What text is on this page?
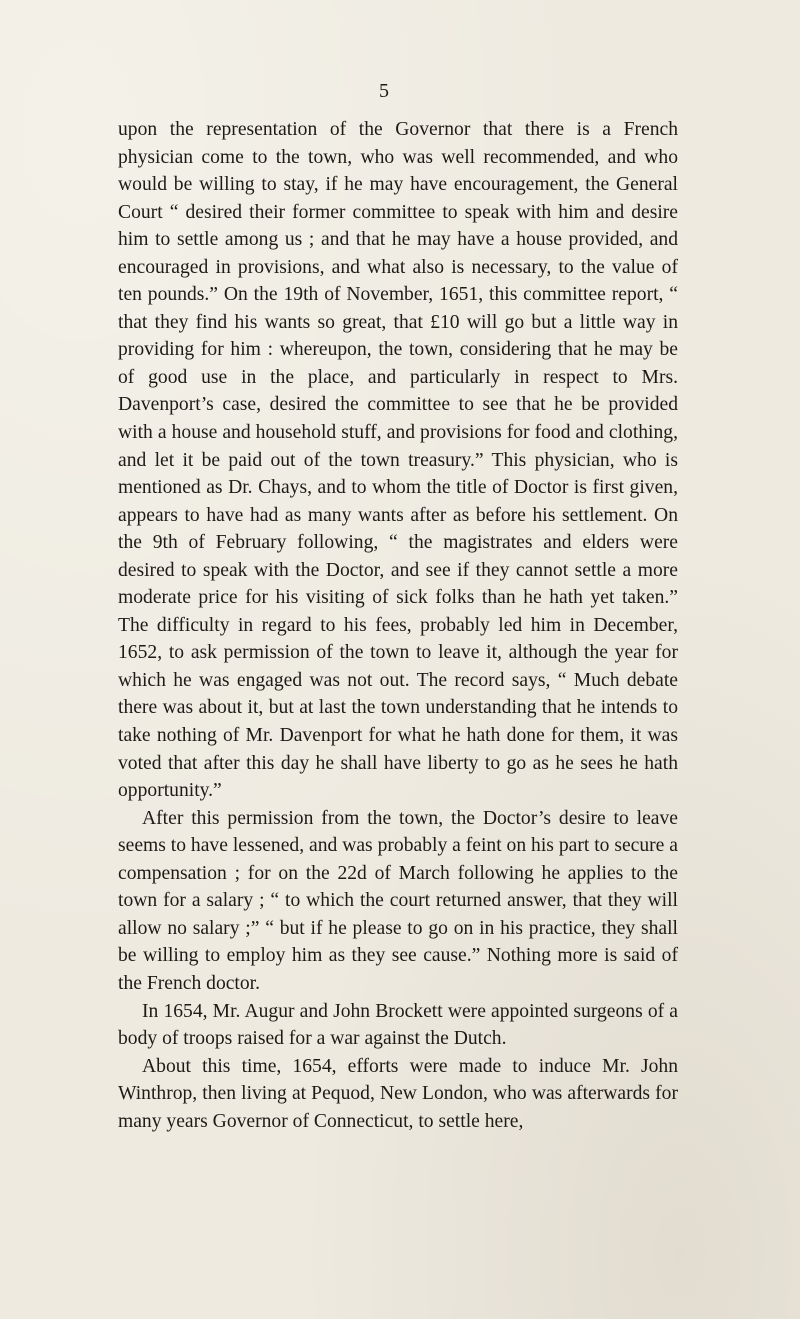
5

upon the representation of the Governor that there is a French physician come to the town, who was well recommended, and who would be willing to stay, if he may have encouragement, the General Court “ desired their former committee to speak with him and desire him to settle among us ; and that he may have a house provided, and encouraged in provisions, and what also is necessary, to the value of ten pounds.” On the 19th of November, 1651, this committee report, “ that they find his wants so great, that £10 will go but a little way in providing for him : whereupon, the town, considering that he may be of good use in the place, and particularly in respect to Mrs. Davenport’s case, desired the committee to see that he be provided with a house and household stuff, and provisions for food and clothing, and let it be paid out of the town treasury.” This physician, who is mentioned as Dr. Chays, and to whom the title of Doctor is first given, appears to have had as many wants after as before his settlement. On the 9th of February following, “ the magistrates and elders were desired to speak with the Doctor, and see if they cannot settle a more moderate price for his visiting of sick folks than he hath yet taken.” The difficulty in regard to his fees, probably led him in December, 1652, to ask permission of the town to leave it, although the year for which he was engaged was not out. The record says, “ Much debate there was about it, but at last the town understanding that he intends to take nothing of Mr. Davenport for what he hath done for them, it was voted that after this day he shall have liberty to go as he sees he hath opportunity.”

After this permission from the town, the Doctor’s desire to leave seems to have lessened, and was probably a feint on his part to secure a compensation ; for on the 22d of March following he applies to the town for a salary ; “ to which the court returned answer, that they will allow no salary ;” “ but if he please to go on in his practice, they shall be willing to employ him as they see cause.” Nothing more is said of the French doctor.

In 1654, Mr. Augur and John Brockett were appointed surgeons of a body of troops raised for a war against the Dutch.

About this time, 1654, efforts were made to induce Mr. John Winthrop, then living at Pequod, New London, who was afterwards for many years Governor of Connecticut, to settle here,
